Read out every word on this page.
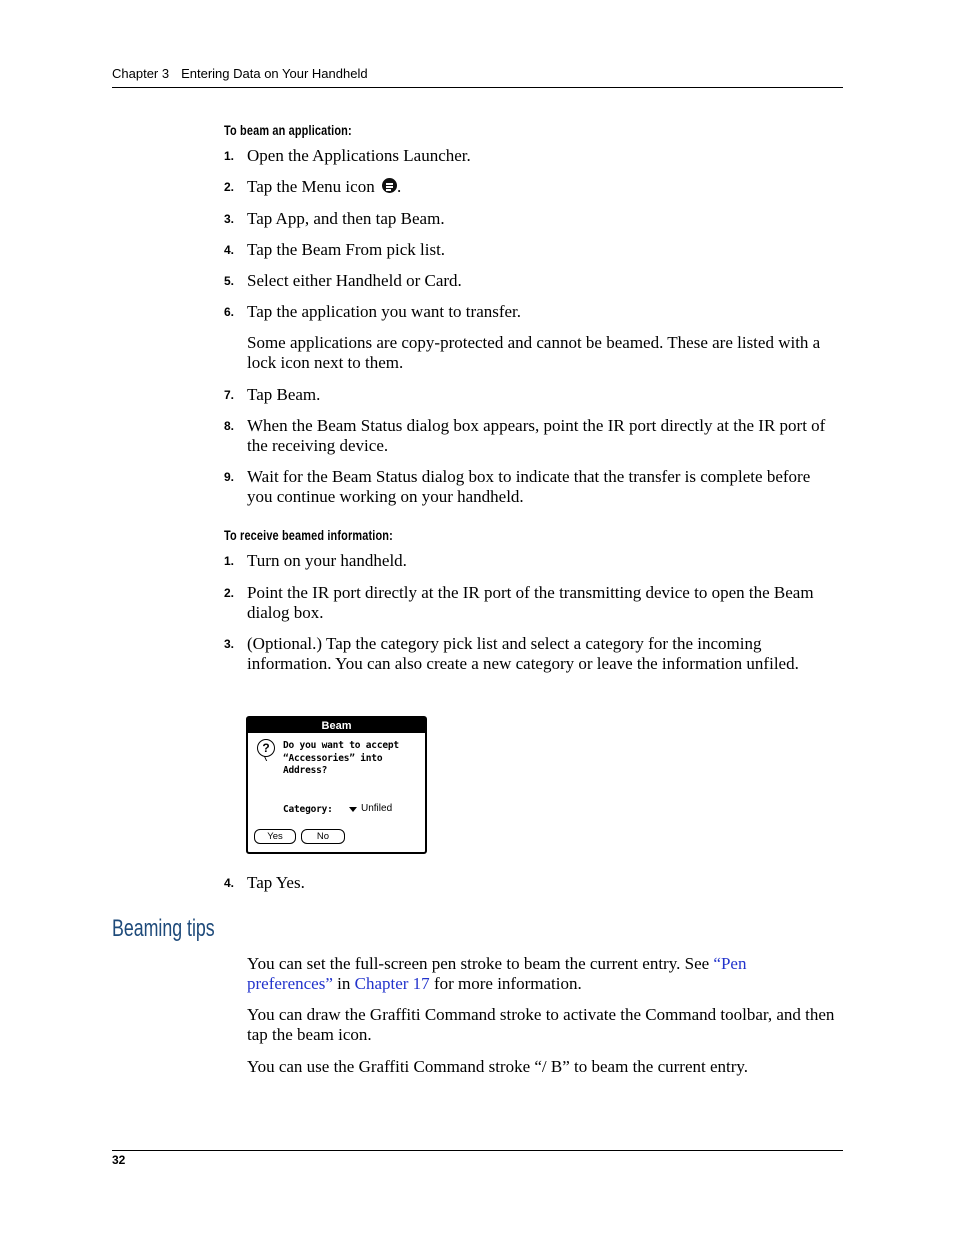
Chapter 3 Entering Data on Your Handheld
To beam an application:
1. Open the Applications Launcher.
2. Tap the Menu icon .
3. Tap App, and then tap Beam.
4. Tap the Beam From pick list.
5. Select either Handheld or Card.
6. Tap the application you want to transfer.
Some applications are copy-protected and cannot be beamed. These are listed with a lock icon next to them.
7. Tap Beam.
8. When the Beam Status dialog box appears, point the IR port directly at the IR port of the receiving device.
9. Wait for the Beam Status dialog box to indicate that the transfer is complete before you continue working on your handheld.
To receive beamed information:
1. Turn on your handheld.
2. Point the IR port directly at the IR port of the transmitting device to open the Beam dialog box.
3. (Optional.) Tap the category pick list and select a category for the incoming information. You can also create a new category or leave the information unfiled.
Beam
?	Do you want to accept “Accessories” into Address?
Category:	Unfiled
Yes	No
4. Tap Yes.
Beaming tips
You can set the full-screen pen stroke to beam the current entry. See “Pen preferences” in Chapter 17 for more information.
You can draw the Graffiti Command stroke to activate the Command toolbar, and then tap the beam icon.
You can use the Graffiti Command stroke “/ B” to beam the current entry.
32
